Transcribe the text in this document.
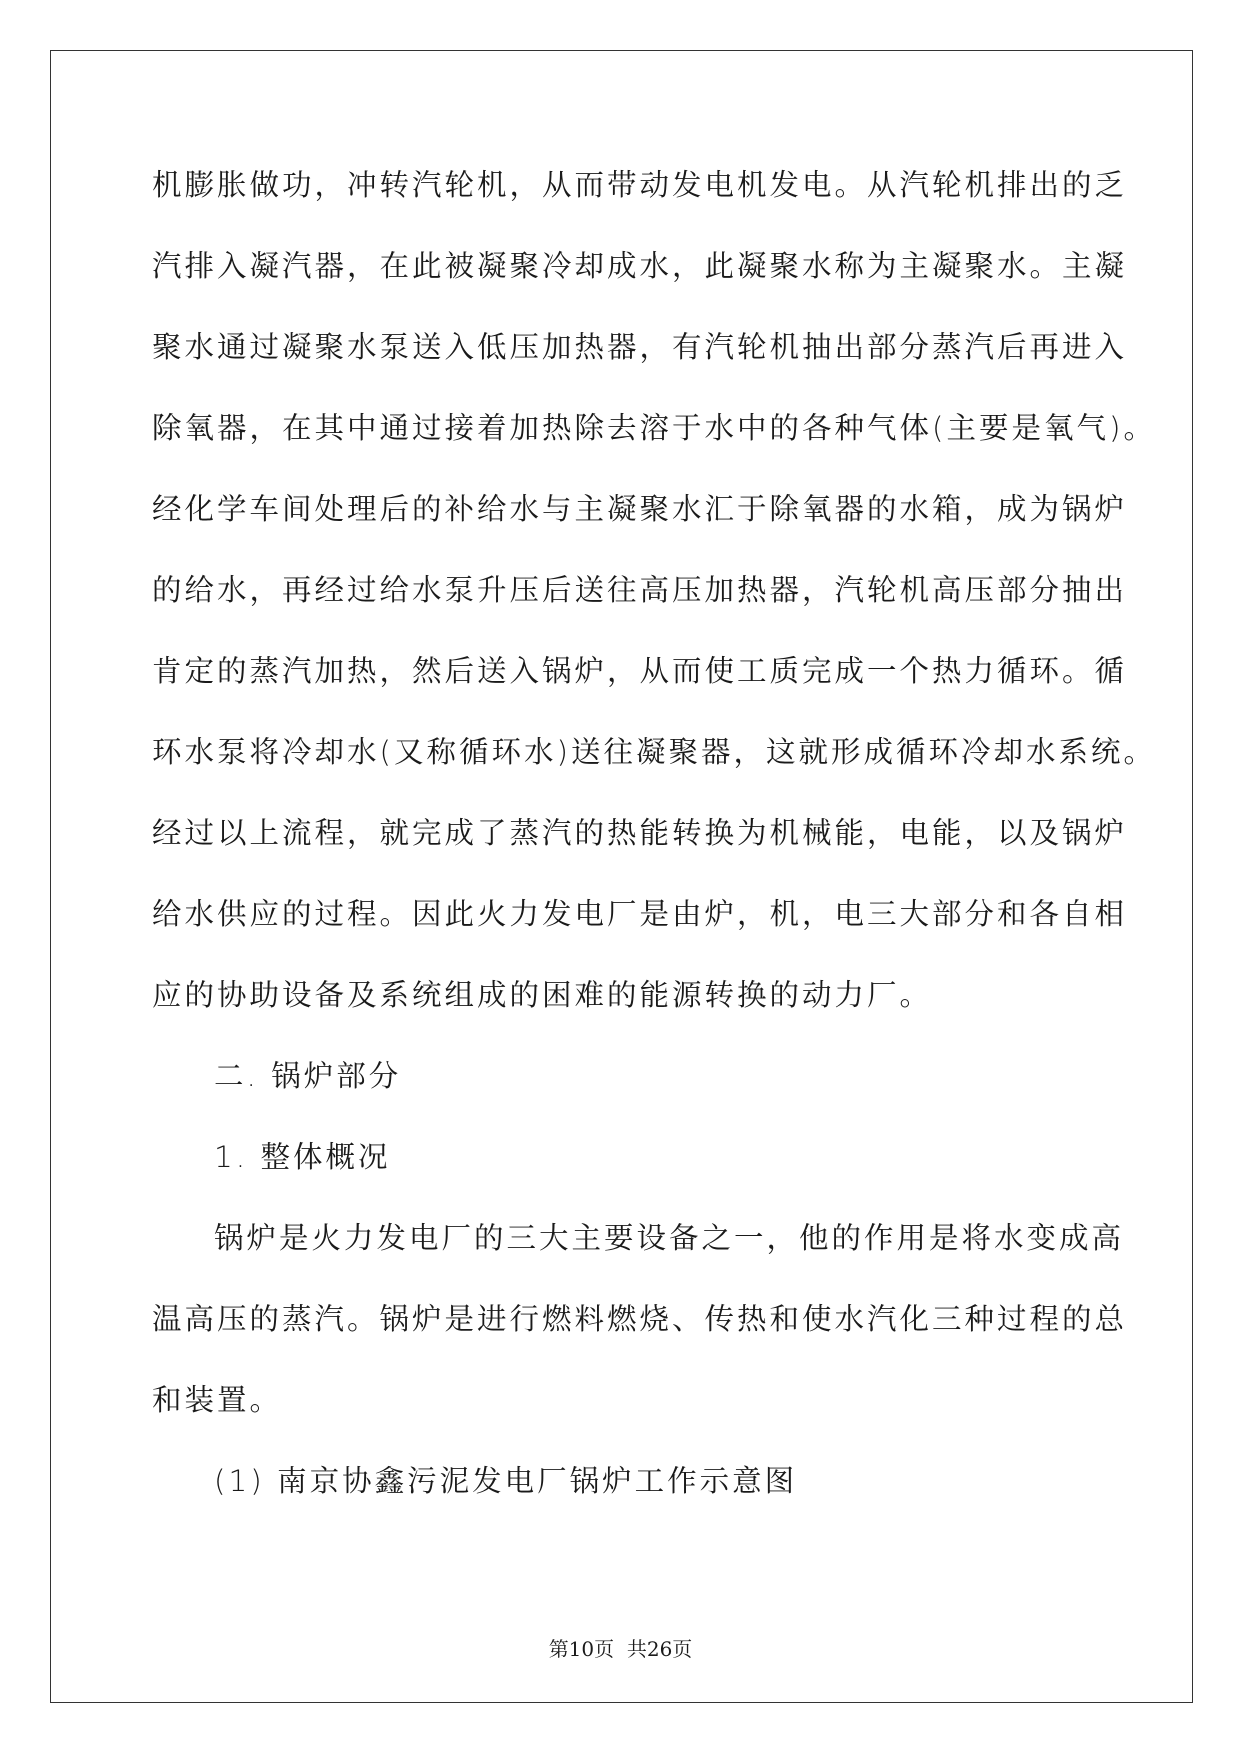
机膨胀做功，冲转汽轮机，从而带动发电机发电。从汽轮机排出的乏
汽排入凝汽器，在此被凝聚冷却成水，此凝聚水称为主凝聚水。主凝
聚水通过凝聚水泵送入低压加热器，有汽轮机抽出部分蒸汽后再进入
除氧器，在其中通过接着加热除去溶于水中的各种气体(主要是氧气)。
经化学车间处理后的补给水与主凝聚水汇于除氧器的水箱，成为锅炉
的给水，再经过给水泵升压后送往高压加热器，汽轮机高压部分抽出
肯定的蒸汽加热，然后送入锅炉，从而使工质完成一个热力循环。循
环水泵将冷却水(又称循环水)送往凝聚器，这就形成循环冷却水系统。
经过以上流程，就完成了蒸汽的热能转换为机械能，电能，以及锅炉
给水供应的过程。因此火力发电厂是由炉，机，电三大部分和各自相
应的协助设备及系统组成的困难的能源转换的动力厂。
二. 锅炉部分
1. 整体概况
锅炉是火力发电厂的三大主要设备之一，他的作用是将水变成高
温高压的蒸汽。锅炉是进行燃料燃烧、传热和使水汽化三种过程的总
和装置。
(1) 南京协鑫污泥发电厂锅炉工作示意图
第10页  共26页
